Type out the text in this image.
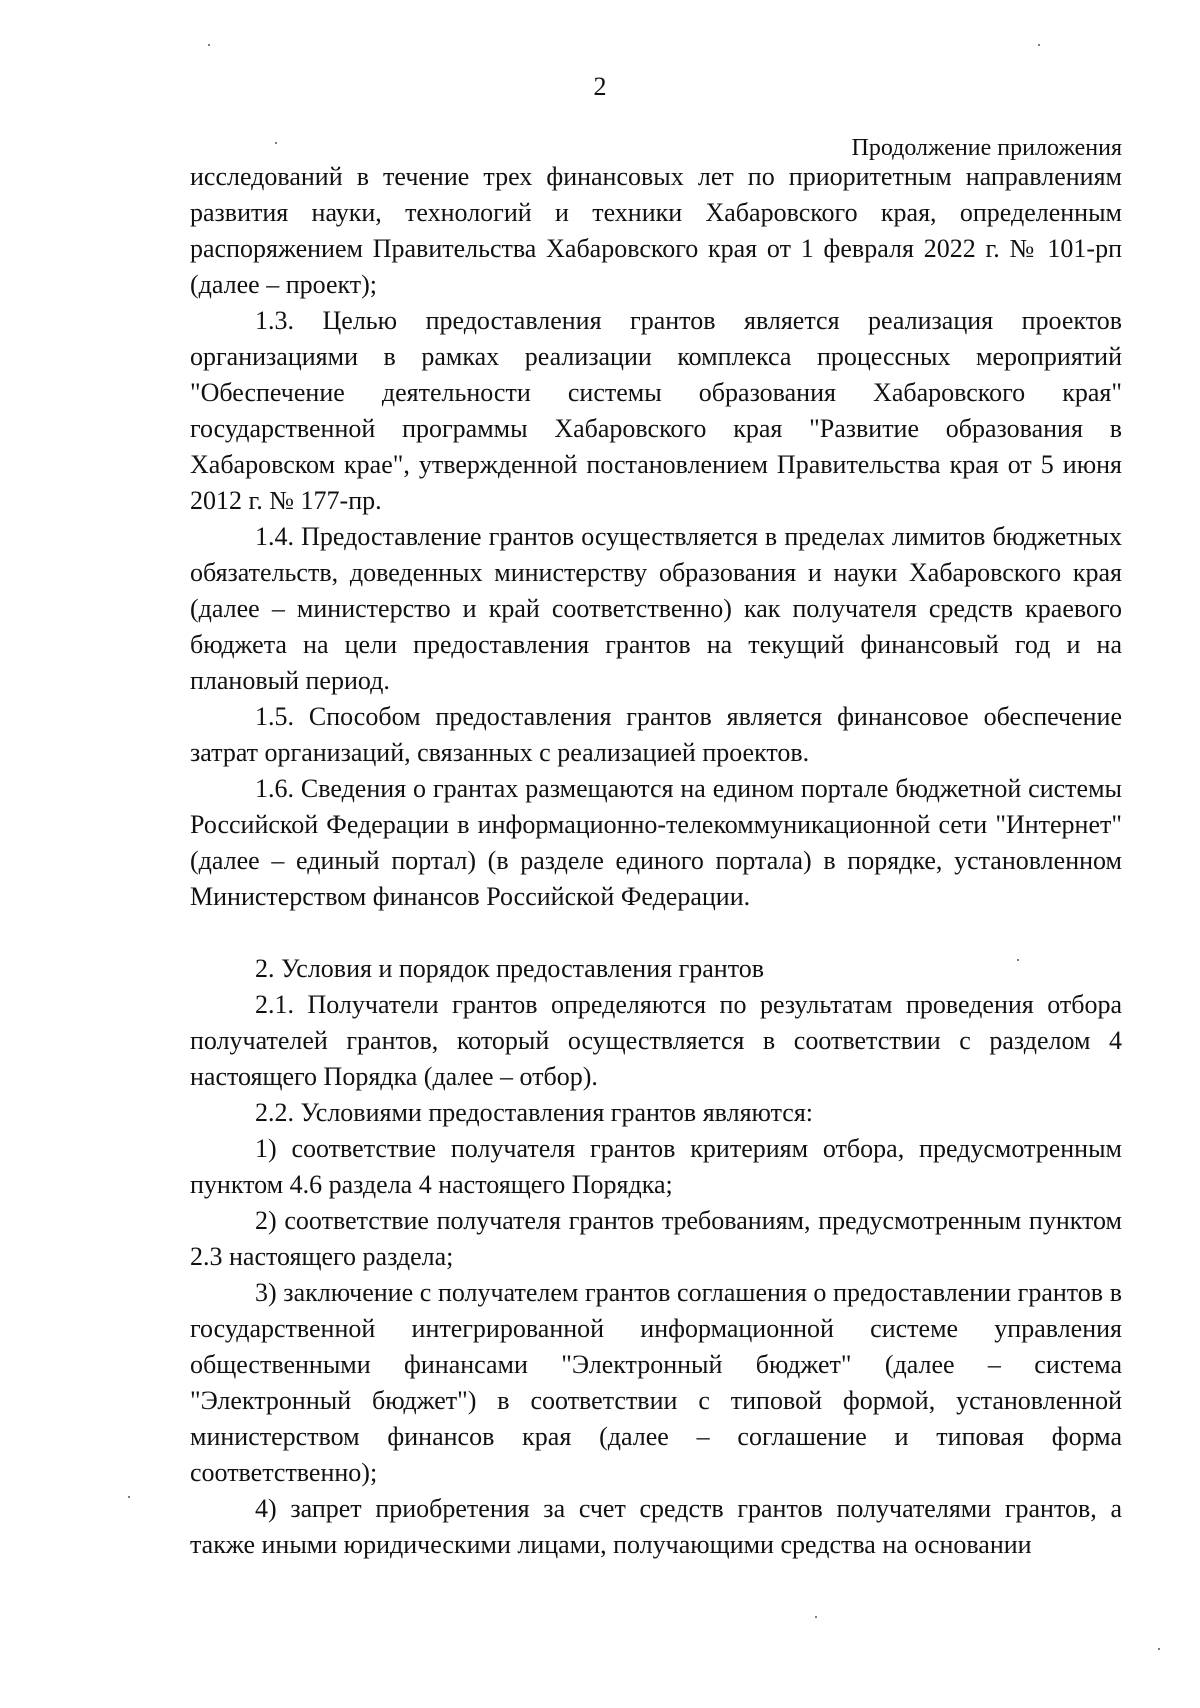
2
Продолжение приложения

исследований в течение трех финансовых лет по приоритетным направлениям развития науки, технологий и техники Хабаровского края, определенным распоряжением Правительства Хабаровского края от 1 февраля 2022 г. № 101-рп (далее – проект);

1.3. Целью предоставления грантов является реализация проектов организациями в рамках реализации комплекса процессных мероприятий "Обеспечение деятельности системы образования Хабаровского края" государственной программы Хабаровского края "Развитие образования в Хабаровском крае", утвержденной постановлением Правительства края от 5 июня 2012 г. № 177-пр.

1.4. Предоставление грантов осуществляется в пределах лимитов бюджетных обязательств, доведенных министерству образования и науки Хабаровского края (далее – министерство и край соответственно) как получателя средств краевого бюджета на цели предоставления грантов на текущий финансовый год и на плановый период.

1.5. Способом предоставления грантов является финансовое обеспечение затрат организаций, связанных с реализацией проектов.

1.6. Сведения о грантах размещаются на едином портале бюджетной системы Российской Федерации в информационно-телекоммуникационной сети "Интернет" (далее – единый портал) (в разделе единого портала) в порядке, установленном Министерством финансов Российской Федерации.

2. Условия и порядок предоставления грантов

2.1. Получатели грантов определяются по результатам проведения отбора получателей грантов, который осуществляется в соответствии с разделом 4 настоящего Порядка (далее – отбор).

2.2. Условиями предоставления грантов являются:

1) соответствие получателя грантов критериям отбора, предусмотренным пунктом 4.6 раздела 4 настоящего Порядка;

2) соответствие получателя грантов требованиям, предусмотренным пунктом 2.3 настоящего раздела;

3) заключение с получателем грантов соглашения о предоставлении грантов в государственной интегрированной информационной системе управления общественными финансами "Электронный бюджет" (далее – система "Электронный бюджет") в соответствии с типовой формой, установленной министерством финансов края (далее – соглашение и типовая форма соответственно);

4) запрет приобретения за счет средств грантов получателями грантов, а также иными юридическими лицами, получающими средства на основании
